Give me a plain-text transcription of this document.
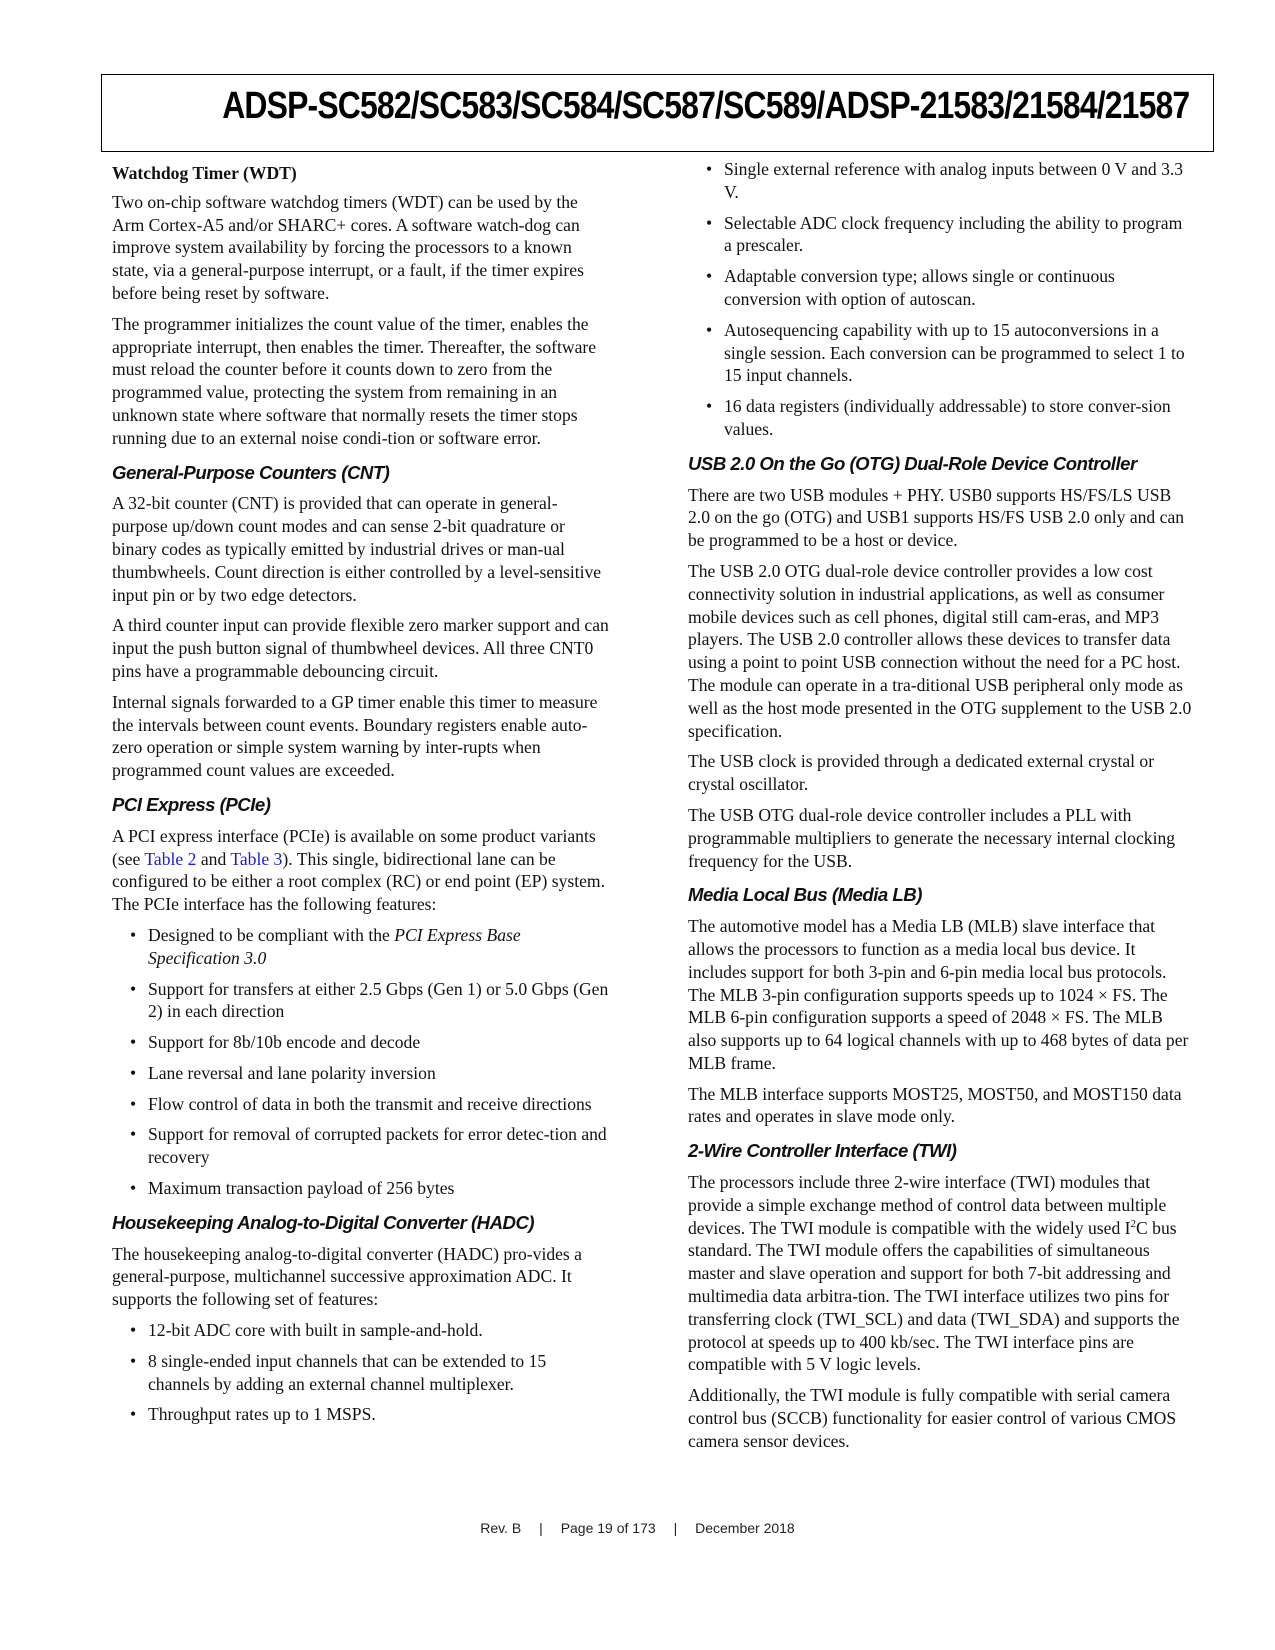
ADSP-SC582/SC583/SC584/SC587/SC589/ADSP-21583/21584/21587
Watchdog Timer (WDT)

Two on-chip software watchdog timers (WDT) can be used by the Arm Cortex-A5 and/or SHARC+ cores. A software watch-dog can improve system availability by forcing the processors to a known state, via a general-purpose interrupt, or a fault, if the timer expires before being reset by software.

The programmer initializes the count value of the timer, enables the appropriate interrupt, then enables the timer. Thereafter, the software must reload the counter before it counts down to zero from the programmed value, protecting the system from remaining in an unknown state where software that normally resets the timer stops running due to an external noise condi-tion or software error.

General-Purpose Counters (CNT)

A 32-bit counter (CNT) is provided that can operate in general-purpose up/down count modes and can sense 2-bit quadrature or binary codes as typically emitted by industrial drives or man-ual thumbwheels. Count direction is either controlled by a level-sensitive input pin or by two edge detectors.

A third counter input can provide flexible zero marker support and can input the push button signal of thumbwheel devices. All three CNT0 pins have a programmable debouncing circuit.

Internal signals forwarded to a GP timer enable this timer to measure the intervals between count events. Boundary registers enable auto-zero operation or simple system warning by inter-rupts when programmed count values are exceeded.

PCI Express (PCIe)

A PCI express interface (PCIe) is available on some product variants (see Table 2 and Table 3). This single, bidirectional lane can be configured to be either a root complex (RC) or end point (EP) system. The PCIe interface has the following features:

• Designed to be compliant with the PCI Express Base Specification 3.0
• Support for transfers at either 2.5 Gbps (Gen 1) or 5.0 Gbps (Gen 2) in each direction
• Support for 8b/10b encode and decode
• Lane reversal and lane polarity inversion
• Flow control of data in both the transmit and receive directions
• Support for removal of corrupted packets for error detec-tion and recovery
• Maximum transaction payload of 256 bytes
Housekeeping Analog-to-Digital Converter (HADC)

The housekeeping analog-to-digital converter (HADC) pro-vides a general-purpose, multichannel successive approximation ADC. It supports the following set of features:

• 12-bit ADC core with built in sample-and-hold.
• 8 single-ended input channels that can be extended to 15 channels by adding an external channel multiplexer.
• Throughput rates up to 1 MSPS.
• Single external reference with analog inputs between 0 V and 3.3 V.
• Selectable ADC clock frequency including the ability to program a prescaler.
• Adaptable conversion type; allows single or continuous conversion with option of autoscan.
• Autosequencing capability with up to 15 autoconversions in a single session. Each conversion can be programmed to select 1 to 15 input channels.
• 16 data registers (individually addressable) to store conver-sion values.
USB 2.0 On the Go (OTG) Dual-Role Device Controller

There are two USB modules + PHY. USB0 supports HS/FS/LS USB 2.0 on the go (OTG) and USB1 supports HS/FS USB 2.0 only and can be programmed to be a host or device.

The USB 2.0 OTG dual-role device controller provides a low cost connectivity solution in industrial applications, as well as consumer mobile devices such as cell phones, digital still cam-eras, and MP3 players. The USB 2.0 controller allows these devices to transfer data using a point to point USB connection without the need for a PC host. The module can operate in a tra-ditional USB peripheral only mode as well as the host mode presented in the OTG supplement to the USB 2.0 specification.

The USB clock is provided through a dedicated external crystal or crystal oscillator.

The USB OTG dual-role device controller includes a PLL with programmable multipliers to generate the necessary internal clocking frequency for the USB.

Media Local Bus (Media LB)

The automotive model has a Media LB (MLB) slave interface that allows the processors to function as a media local bus device. It includes support for both 3-pin and 6-pin media local bus protocols. The MLB 3-pin configuration supports speeds up to 1024 × FS. The MLB 6-pin configuration supports a speed of 2048 × FS. The MLB also supports up to 64 logical channels with up to 468 bytes of data per MLB frame.

The MLB interface supports MOST25, MOST50, and MOST150 data rates and operates in slave mode only.

2-Wire Controller Interface (TWI)

The processors include three 2-wire interface (TWI) modules that provide a simple exchange method of control data between multiple devices. The TWI module is compatible with the widely used $I^2C$ bus standard. The TWI module offers the capabilities of simultaneous master and slave operation and support for both 7-bit addressing and multimedia data arbitra-tion. The TWI interface utilizes two pins for transferring clock (TWI_SCL) and data (TWI_SDA) and supports the protocol at speeds up to 400 kb/sec. The TWI interface pins are compatible with 5 V logic levels.

Additionally, the TWI module is fully compatible with serial camera control bus (SCCB) functionality for easier control of various CMOS camera sensor devices.

Rev. B | Page 19 of 173 | December 2018
